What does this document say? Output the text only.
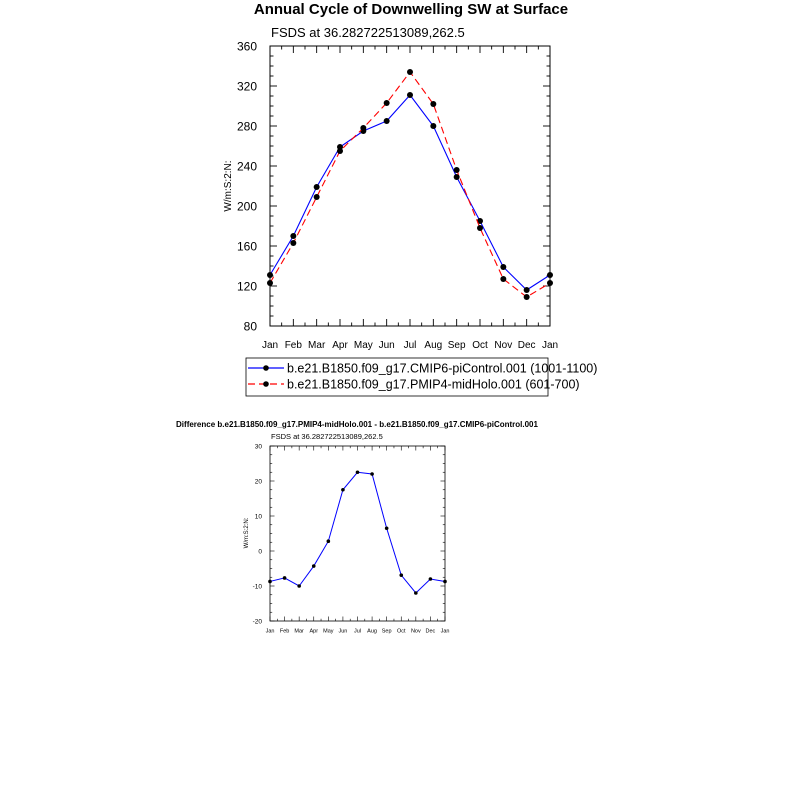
Annual Cycle of Downwelling SW at Surface
FSDS at 36.282722513089,262.5
W/m:S:2:N:
80
120
160
200
240
280
320
360
Jan Feb Mar Apr May Jun Jul Aug Sep Oct Nov Dec Jan
b.e21.B1850.f09_g17.CMIP6-piControl.001 (1001-1100)
b.e21.B1850.f09_g17.PMIP4-midHolo.001 (601-700)
Difference b.e21.B1850.f09_g17.PMIP4-midHolo.001 - b.e21.B1850.f09_g17.CMIP6-piControl.001
FSDS at 36.282722513089,262.5
W/m:S:2:N:
-20
-10
0
10
20
30
Jan Feb Mar Apr May Jun Jul Aug Sep Oct Nov Dec Jan
